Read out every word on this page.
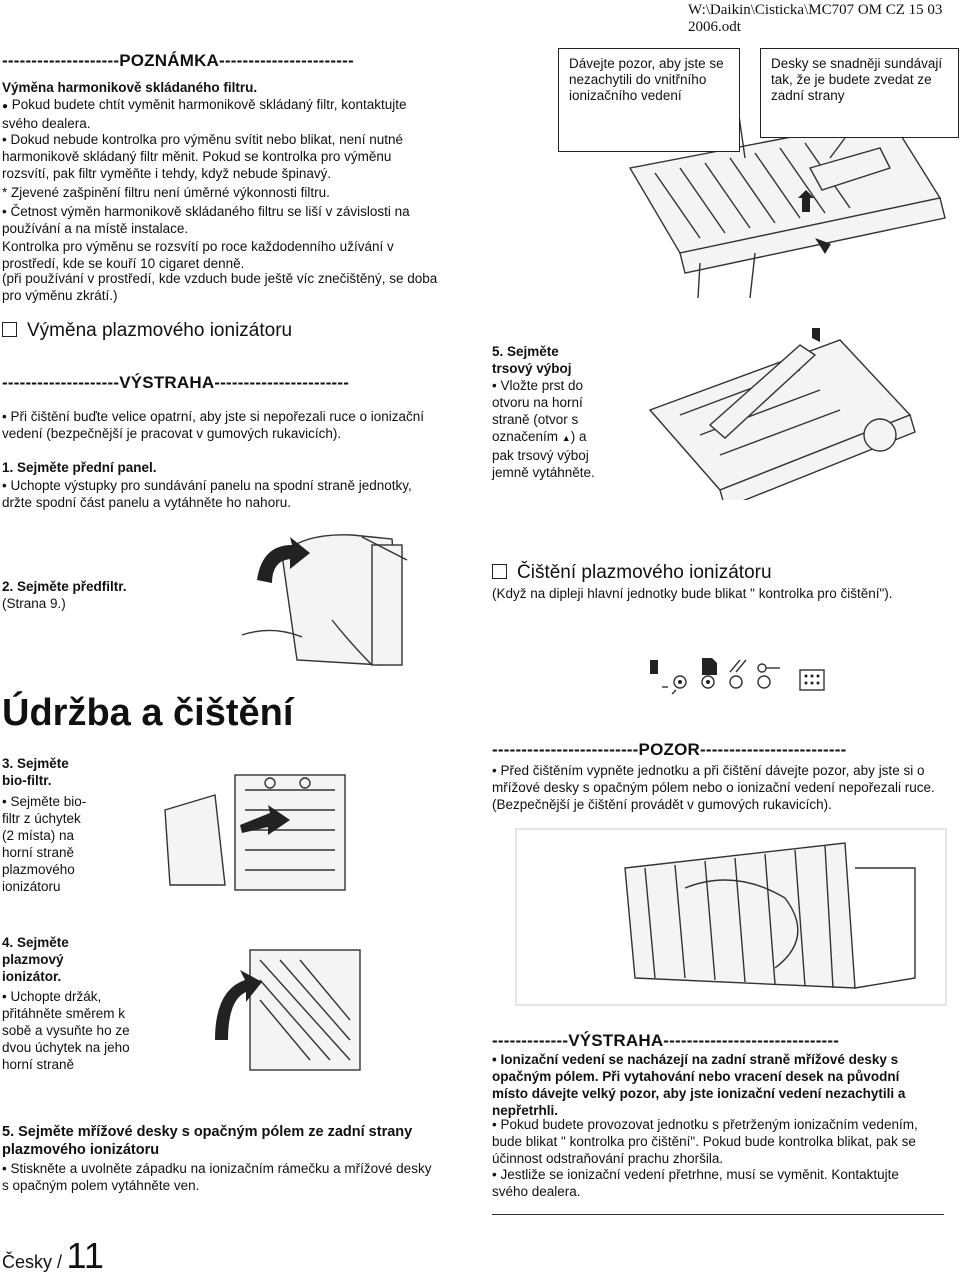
W:\Daikin\Cisticka\MC707 OM CZ 15 03 2006.odt
--------------------POZNÁMKA-----------------------
Výměna harmonikově skládaného filtru.
● Pokud budete chtít vyměnit harmonikově skládaný filtr, kontaktujte svého dealera.
• Dokud nebude kontrolka pro výměnu svítit nebo blikat, není nutné harmonikově skládaný filtr měnit. Pokud se kontrolka pro výměnu rozsvítí, pak filtr vyměňte i tehdy, když nebude špinavý.
* Zjevené zašpinění filtru není úměrné výkonnosti filtru.
• Četnost výměn harmonikově skládaného filtru se liší v závislosti na používání a na místě instalace.
Kontrolka pro výměnu se rozsvítí po roce každodenního užívání v prostředí, kde se kouří 10 cigaret denně.
(při používání v prostředí, kde vzduch bude ještě víc znečištěný, se doba pro výměnu zkrátí.)
Výměna plazmového ionizátoru
--------------------VÝSTRAHA-----------------------
• Při čištění buďte velice opatrní, aby jste si nepořezali ruce o ionizační vedení (bezpečnější je pracovat v gumových rukavicích).
1. Sejměte přední panel.
• Uchopte výstupky pro sundávání panelu na spodní straně jednotky, držte spodní část panelu a vytáhněte ho nahoru.
Dávejte pozor, aby jste se nezachytili do vnitřního ionizačního vedení
Desky se snadněji sundávají tak, že je budete zvedat ze zadní strany
5. Sejměte
trsový výboj
• Vložte prst do otvoru na horní straně (otvor s označením ▲) a pak trsový výboj jemně vytáhněte.
2. Sejměte předfiltr.
(Strana 9.)
Údržba a čištění
3. Sejměte bio-filtr.
• Sejměte bio-filtr z úchytek (2 místa) na horní straně plazmového ionizátoru
4. Sejměte plazmový ionizátor.
• Uchopte držák, přitáhněte směrem k sobě a vysuňte ho ze dvou úchytek na jeho horní straně
5. Sejměte mřížové desky s opačným pólem ze zadní strany plazmového ionizátoru
• Stiskněte a uvolněte západku na ionizačním rámečku a mřížové desky s opačným polem vytáhněte ven.
Česky / 11
Čištění plazmového ionizátoru
(Když na dipleji hlavní jednotky bude blikat " kontrolka pro čištění").
-------------------------POZOR-------------------------
• Před čištěním vypněte jednotku a při čištění dávejte pozor, aby jste si o mřížové desky s opačným pólem nebo o ionizační vedení nepořezali ruce. (Bezpečnější je čištění provádět v gumových rukavicích).
-------------VÝSTRAHA------------------------------
• Ionizační vedení se nacházejí na zadní straně mřížové desky s opačným pólem. Při vytahování nebo vracení desek na původní místo dávejte velký pozor, aby jste ionizační vedení nezachytili a nepřetrhli.
• Pokud budete provozovat jednotku s přetrženým ionizačním vedením, bude blikat " kontrolka pro čištění". Pokud bude kontrolka blikat, pak se účinnost odstraňování prachu zhoršila.
• Jestliže se ionizační vedení přetrhne, musí se vyměnit. Kontaktujte svého dealera.
